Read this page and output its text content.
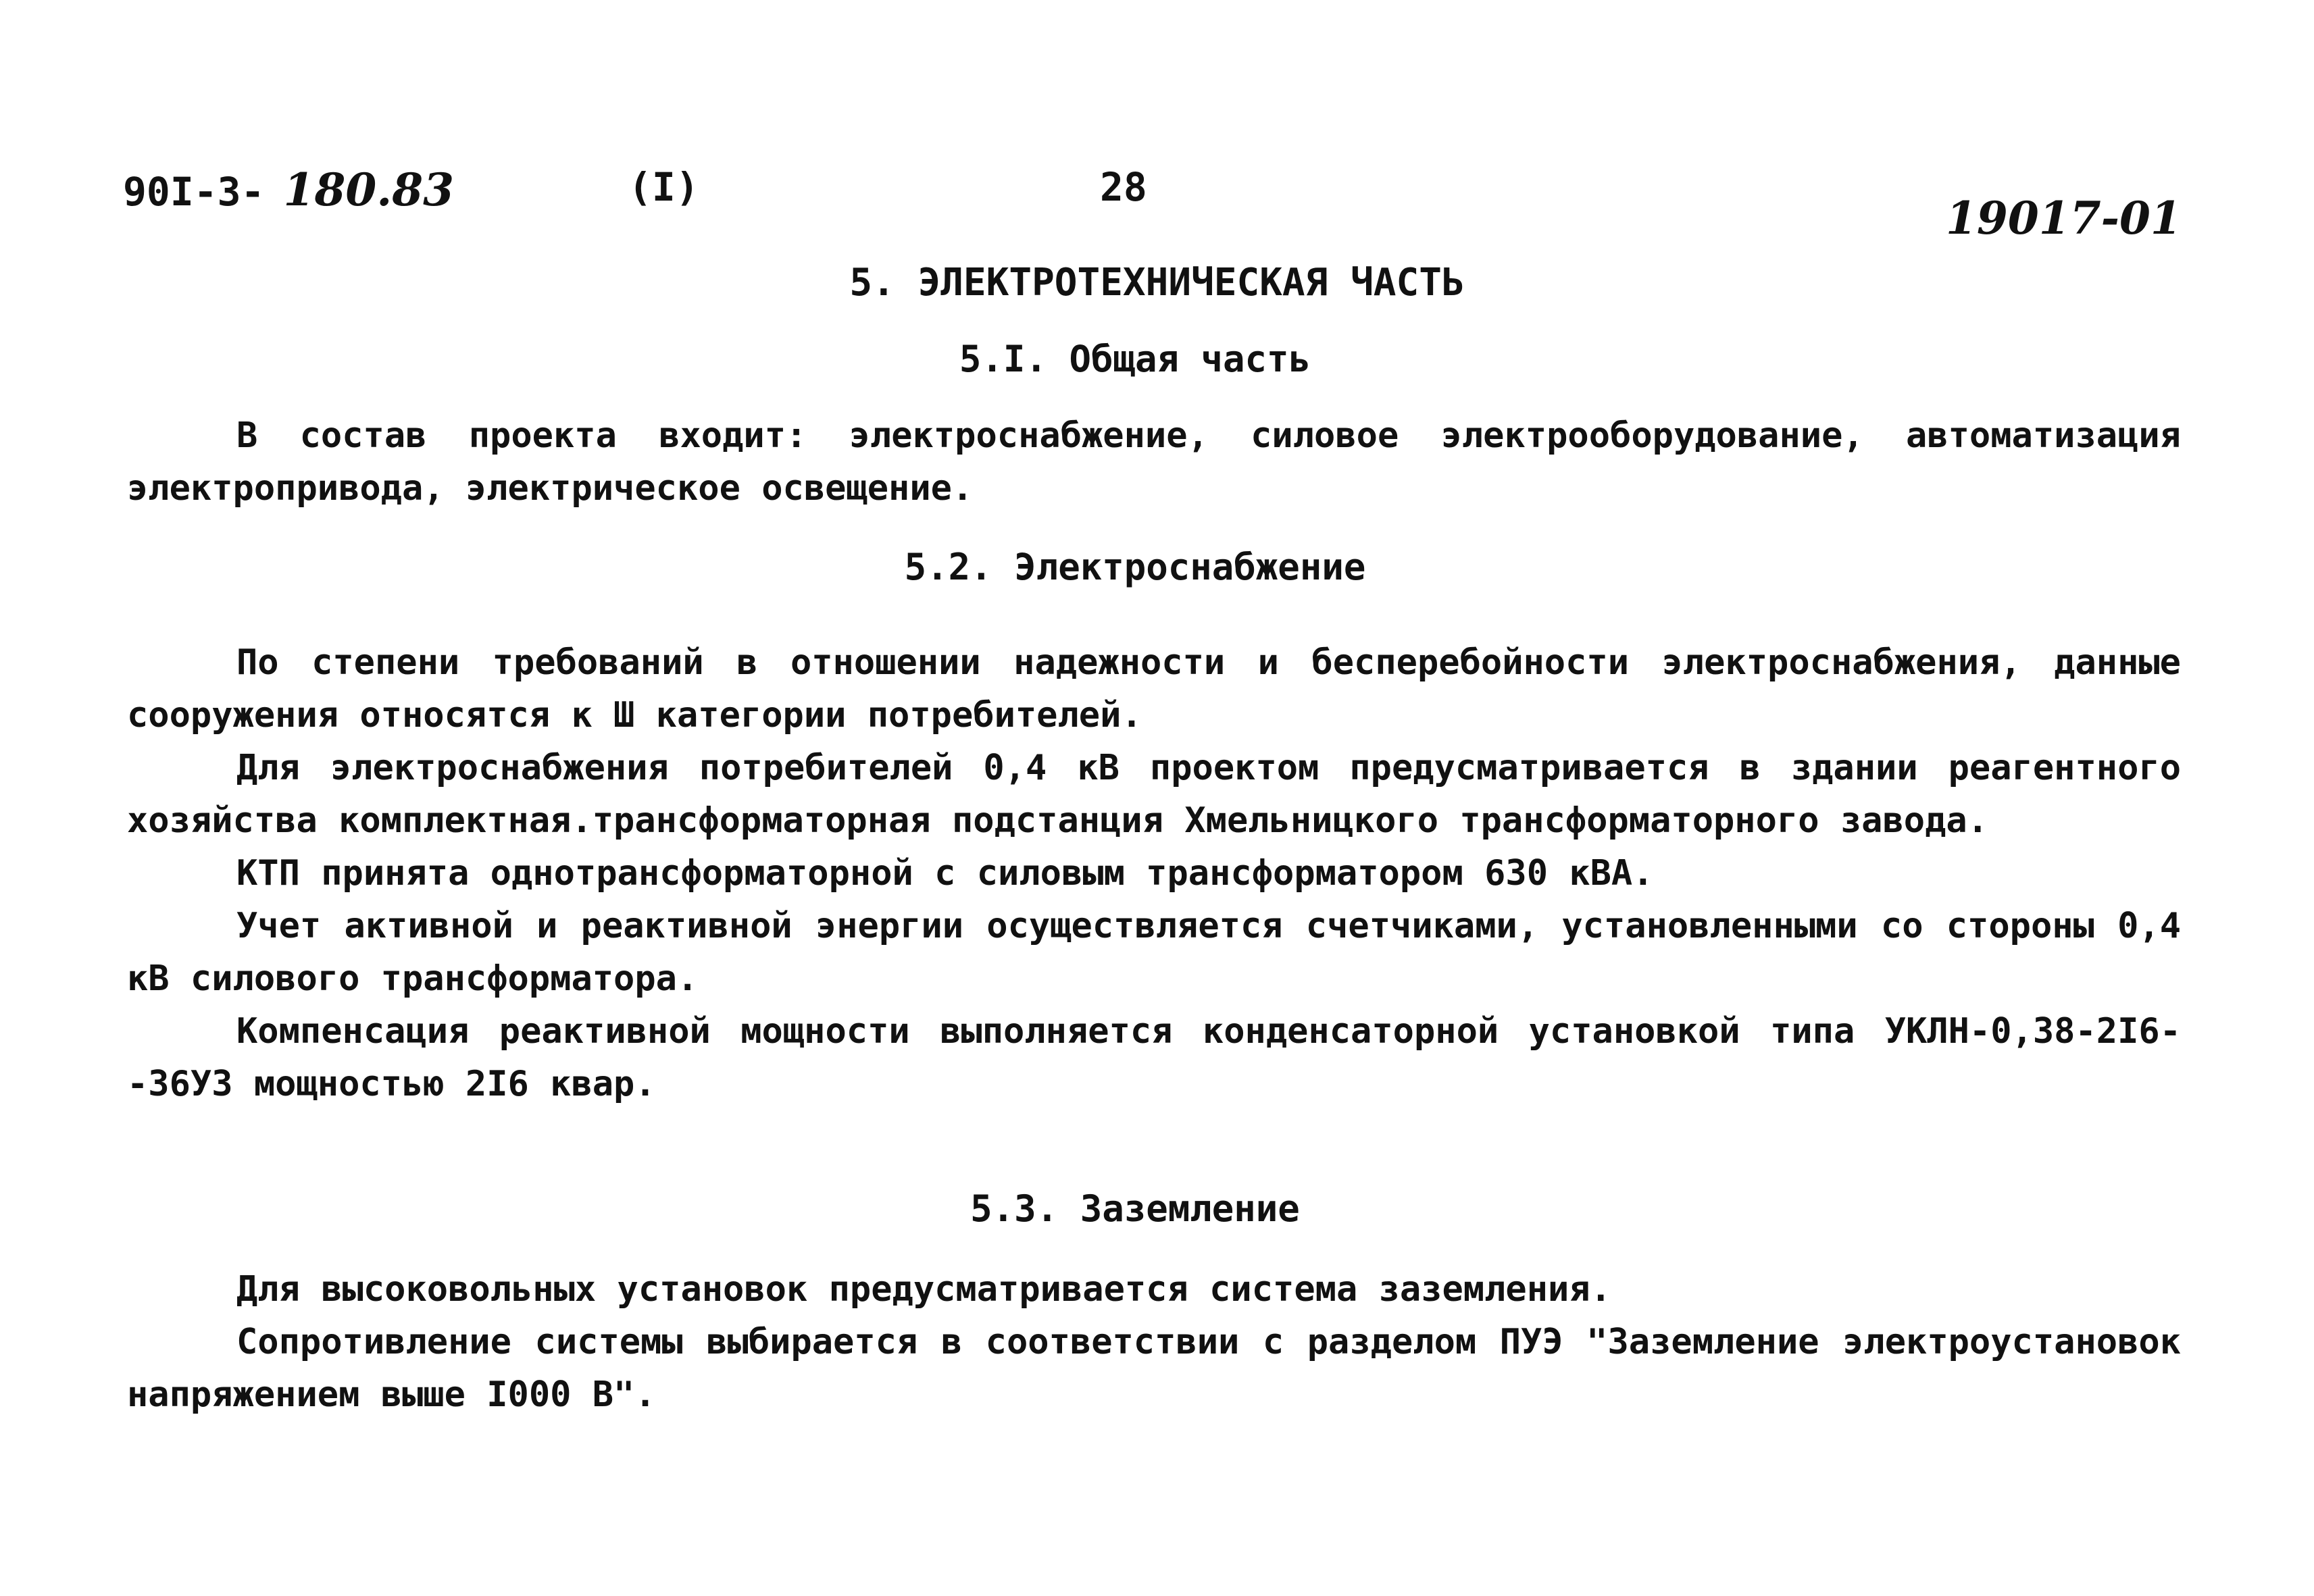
90I-3- 180.83	(I)	28
19017-01
5. ЭЛЕКТРОТЕХНИЧЕСКАЯ ЧАСТЬ
5.I. Общая часть

В состав проекта входит: электроснабжение, силовое электрооборудование, автоматизация электропривода, электрическое освещение.

5.2. Электроснабжение

По степени требований в отношении надежности и бесперебойности электроснабжения, данные сооружения относятся к Ш категории потребителей.

Для электроснабжения потребителей 0,4 кВ проектом предусматривается в здании реагентного хозяйства комплектная.трансформаторная подстанция Хмельницкого трансформаторного завода.

КТП принята однотрансформаторной с силовым трансформатором 630 кВА.

Учет активной и реактивной энергии осуществляется счетчиками, установленными со стороны 0,4 кВ силового трансформатора.

Компенсация реактивной мощности выполняется конденсаторной установкой типа УКЛН-0,38-2I6--36УЗ мощностью 2I6 квар.

5.3. Заземление

Для высоковольных установок предусматривается система заземления.

Сопротивление системы выбирается в соответствии с разделом ПУЭ "Заземление электроустановок напряжением выше I000 В".
